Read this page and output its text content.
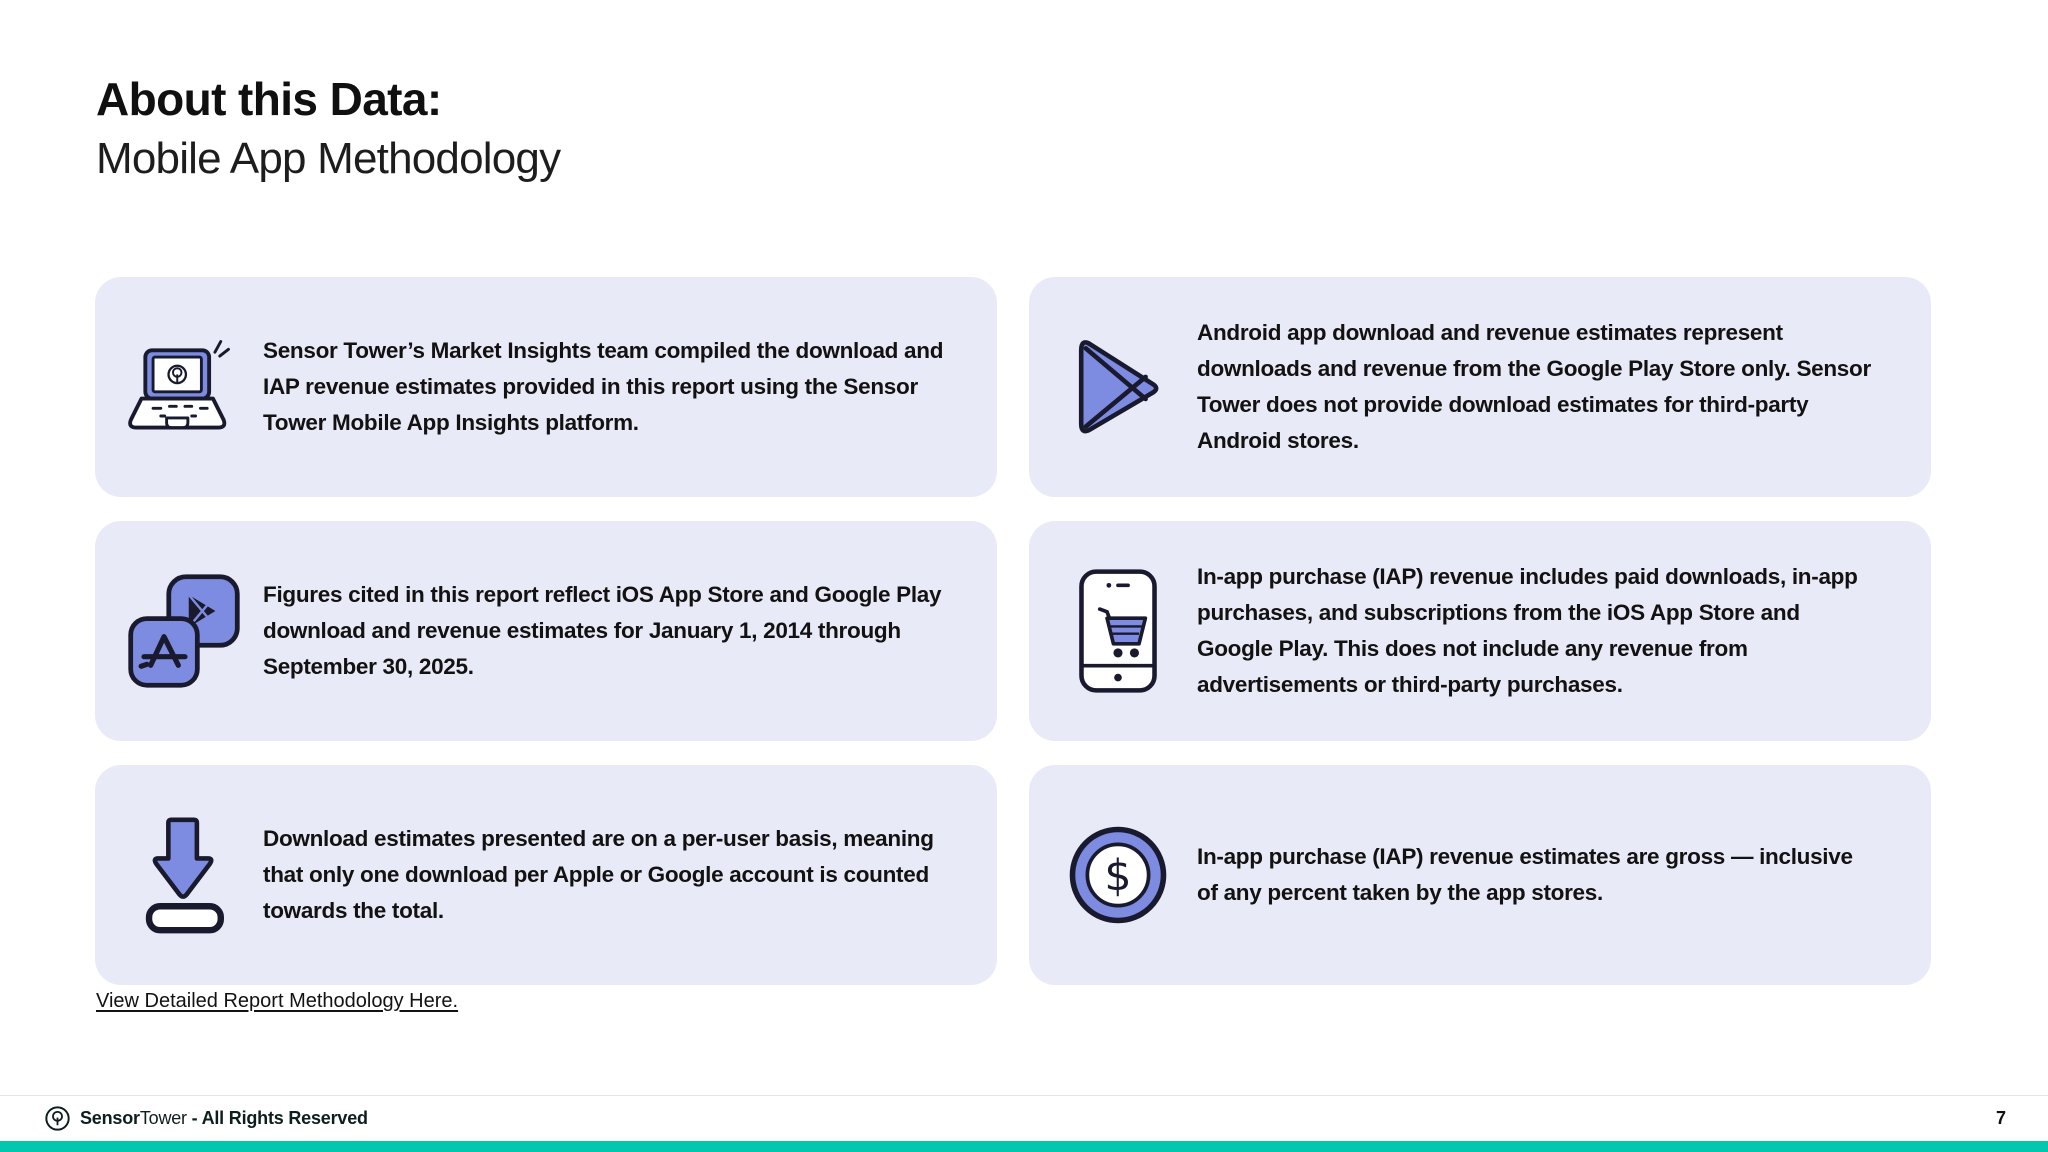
About this Data:
Mobile App Methodology

Sensor Tower’s Market Insights team compiled the download and IAP revenue estimates provided in this report using the Sensor Tower Mobile App Insights platform.

Android app download and revenue estimates represent downloads and revenue from the Google Play Store only. Sensor Tower does not provide download estimates for third-party Android stores.

Figures cited in this report reflect iOS App Store and Google Play download and revenue estimates for January 1, 2014 through September 30, 2025.

In-app purchase (IAP) revenue includes paid downloads, in-app purchases, and subscriptions from the iOS App Store and Google Play. This does not include any revenue from advertisements or third-party purchases.

Download estimates presented are on a per-user basis, meaning that only one download per Apple or Google account is counted towards the total.

$	In-app purchase (IAP) revenue estimates are gross — inclusive of any percent taken by the app stores.

View Detailed Report Methodology Here.
SensorTower - All Rights Reserved	7
